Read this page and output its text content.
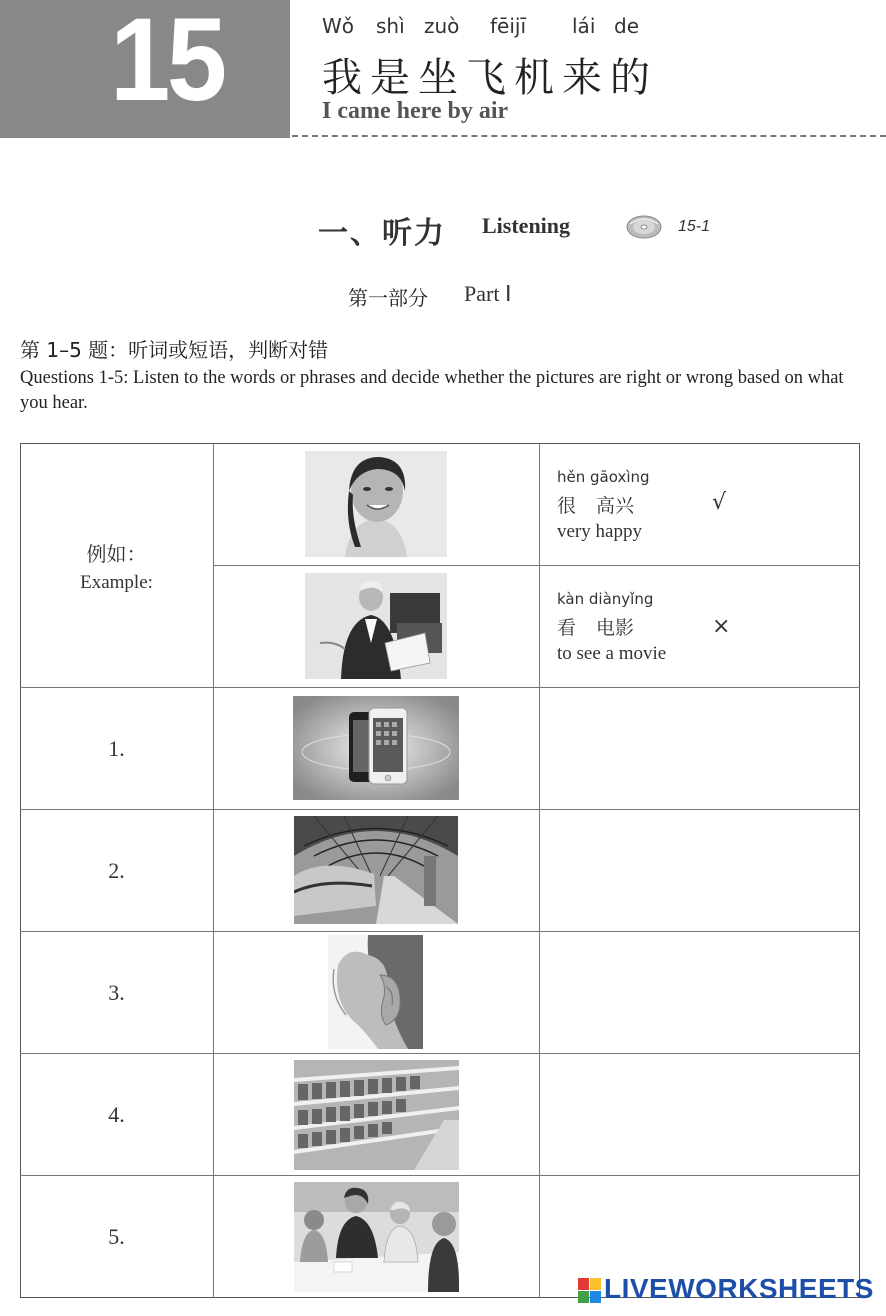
15	Wǒ shì zuò fēijī lái de
我是坐飞机来的
I came here by air
一、听力 Listening	15-1
第一部分 Part Ⅰ
第 1–5 题：听词或短语，判断对错
Questions 1-5: Listen to the words or phrases and decide whether the pictures are right or wrong based on what you hear.
例如：
Example:
hěn gāoxìng
很 高兴
very happy
√
kàn diànyǐng
看 电影
to see a movie
×
1.
2.
3.
4.
5.
LIVEWORKSHEETS
